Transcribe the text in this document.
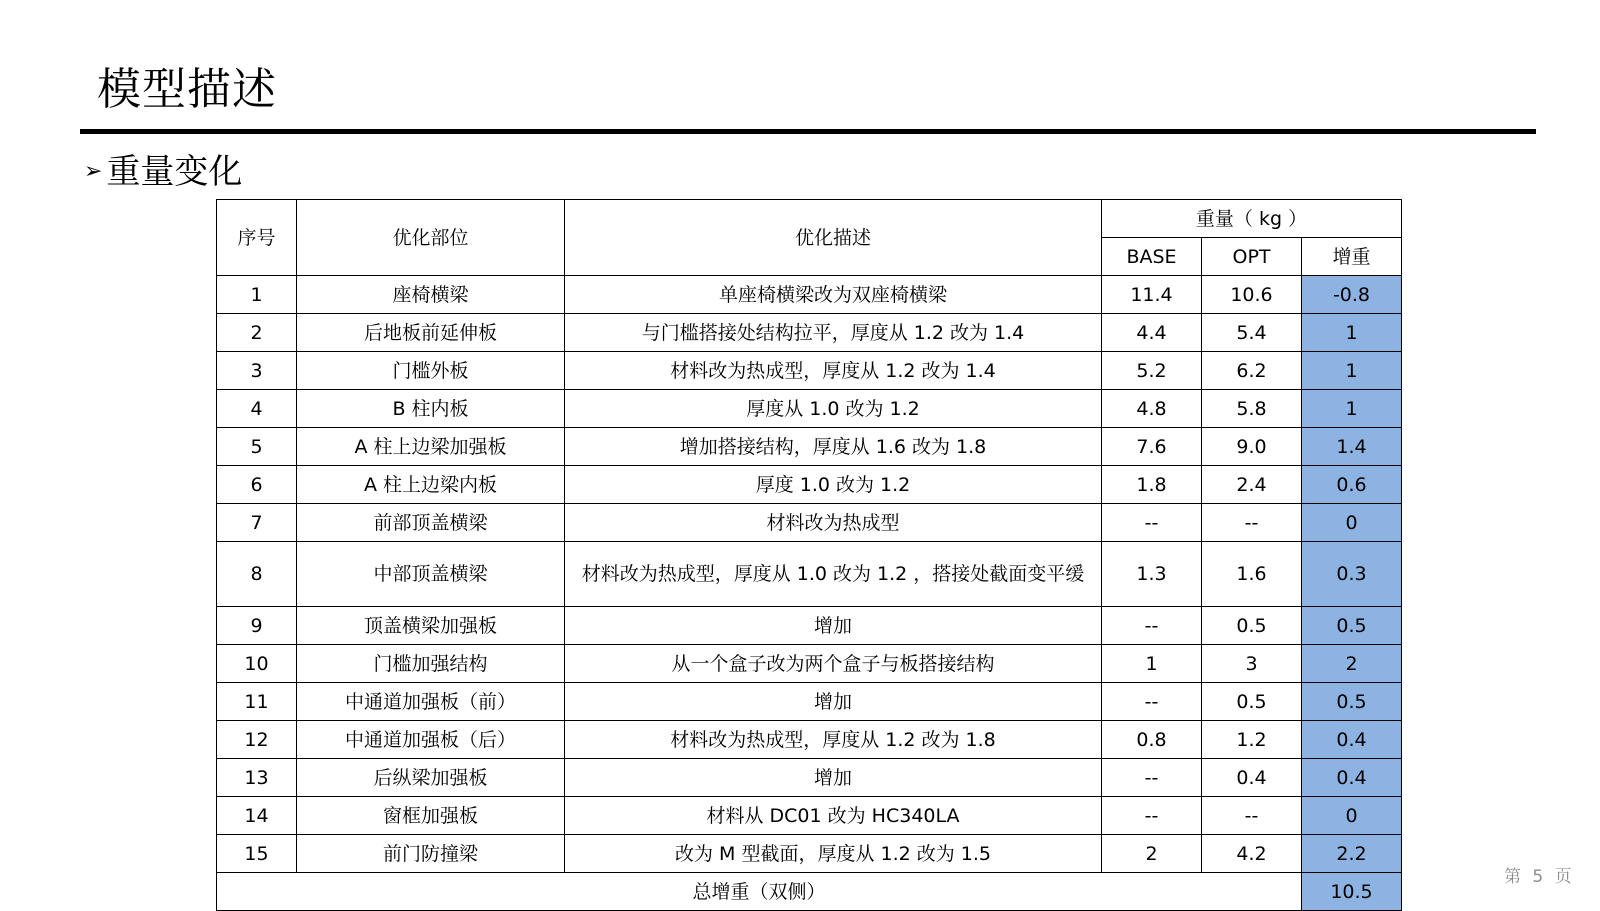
模型描述
➢ 重量变化
序号	优化部位	优化描述	重量（ kg ）		
			BASE	OPT	增重
1	座椅横梁	单座椅横梁改为双座椅横梁	11.4	10.6	-0.8
2	后地板前延伸板	与门槛搭接处结构拉平，厚度从 1.2 改为 1.4	4.4	5.4	1
3	门槛外板	材料改为热成型，厚度从 1.2 改为 1.4	5.2	6.2	1
4	B 柱内板	厚度从 1.0 改为 1.2	4.8	5.8	1
5	A 柱上边梁加强板	增加搭接结构，厚度从 1.6 改为 1.8	7.6	9.0	1.4
6	A 柱上边梁内板	厚度 1.0 改为 1.2	1.8	2.4	0.6
7	前部顶盖横梁	材料改为热成型	--	--	0
8	中部顶盖横梁	材料改为热成型，厚度从 1.0 改为 1.2 ，搭接处截面变平缓	1.3	1.6	0.3
9	顶盖横梁加强板	增加	--	0.5	0.5
10	门槛加强结构	从一个盒子改为两个盒子与板搭接结构	1	3	2
11	中通道加强板（前）	增加	--	0.5	0.5
12	中通道加强板（后）	材料改为热成型，厚度从 1.2 改为 1.8	0.8	1.2	0.4
13	后纵梁加强板	增加	--	0.4	0.4
14	窗框加强板	材料从 DC01 改为 HC340LA	--	--	0
15	前门防撞梁	改为 M 型截面，厚度从 1.2 改为 1.5	2	4.2	2.2
总增重（双侧）					10.5
第 5 页
